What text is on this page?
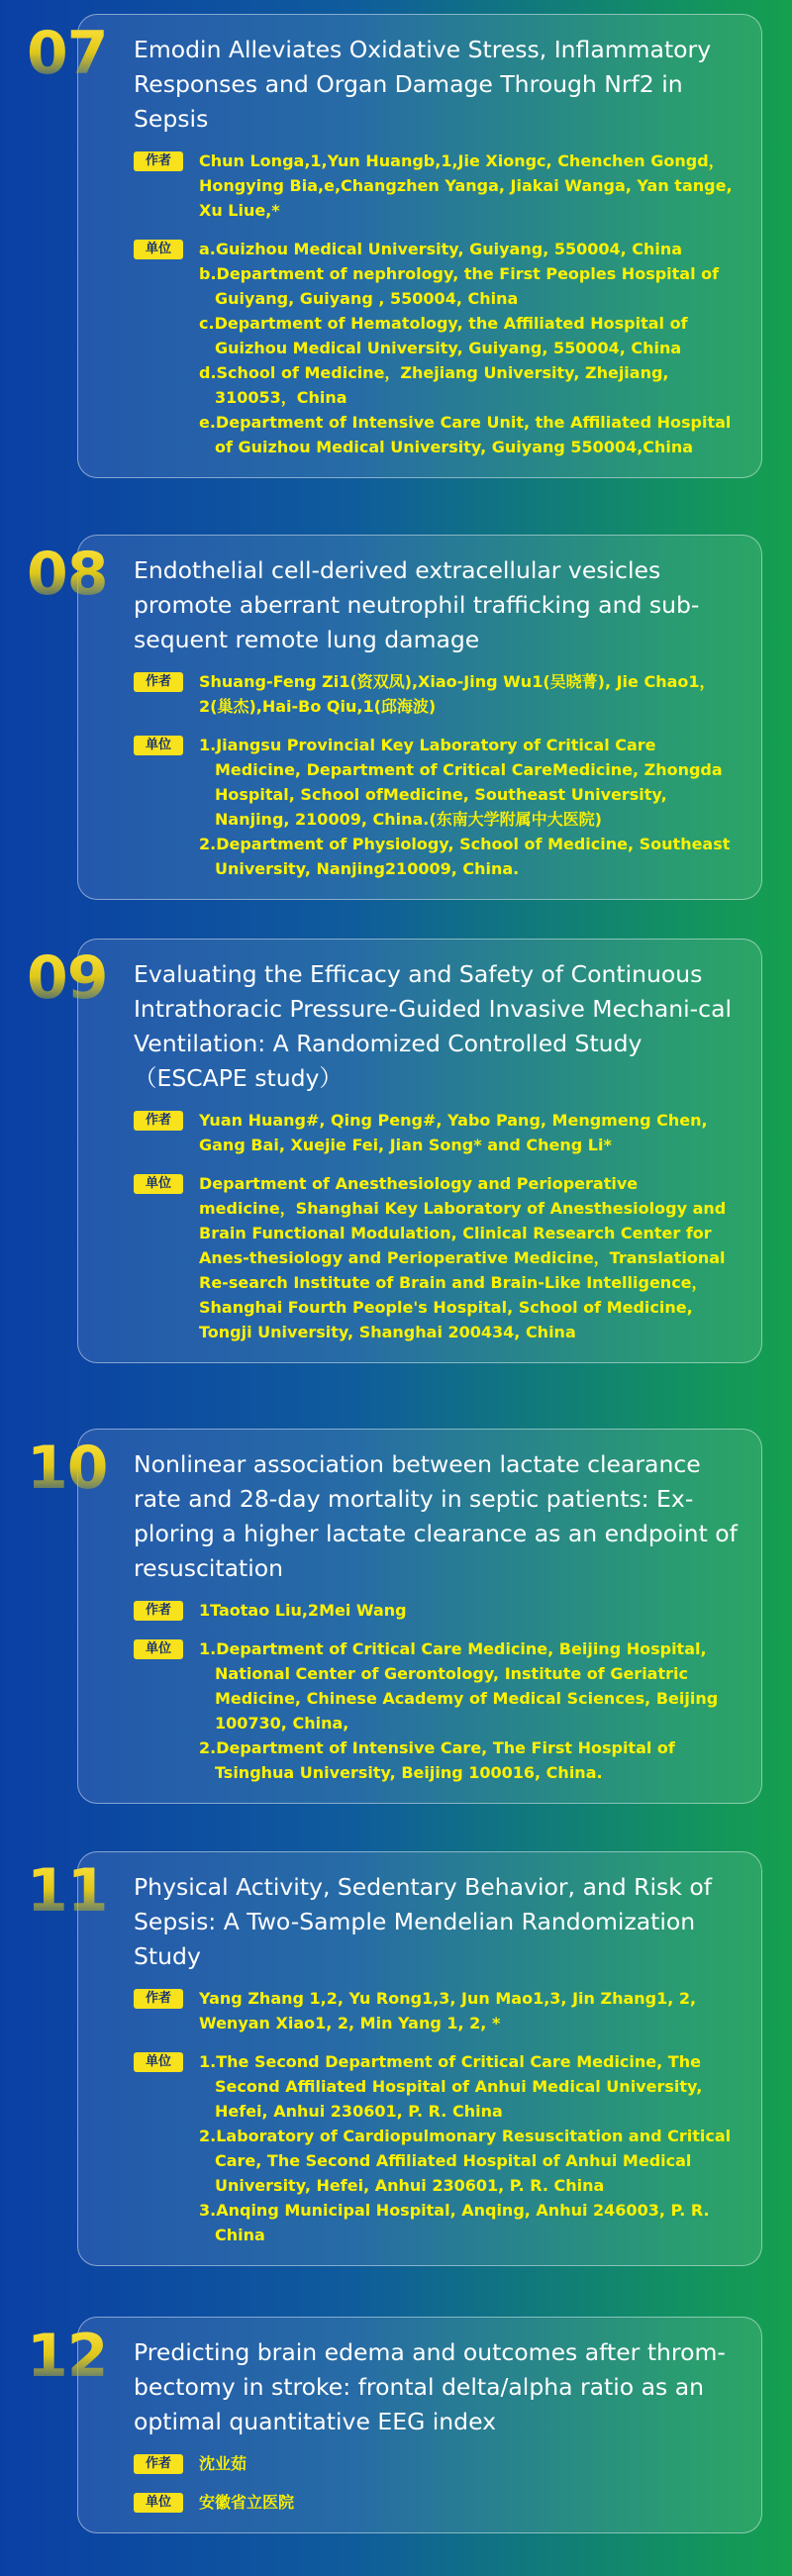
07 Emodin Alleviates Oxidative Stress, Inflammatory Responses and Organ Damage Through Nrf2 in Sepsis
作者	Chun Longa,1,Yun Huangb,1,Jie Xiongc, Chenchen Gongd，Hongying Bia,e,Changzhen Yanga, Jiakai Wanga, Yan tange, Xu Liue,*
单位	a.Guizhou Medical University, Guiyang, 550004, China
b.Department of nephrology, the First Peoples Hospital of Guiyang, Guiyang , 550004, China
c.Department of Hematology, the Affiliated Hospital of Guizhou Medical University, Guiyang, 550004, China
d.School of Medicine，Zhejiang University, Zhejiang, 310053，China
e.Department of Intensive Care Unit, the Affiliated Hospital of Guizhou Medical University, Guiyang 550004,China
08 Endothelial cell-derived extracellular vesicles promote aberrant neutrophil trafficking and sub-sequent remote lung damage
作者	Shuang-Feng Zi1(资双凤),Xiao-Jing Wu1(吴晓菁), Jie Chao1，2(巢杰),Hai-Bo Qiu,1(邱海波)
单位	1.Jiangsu Provincial Key Laboratory of Critical Care Medicine, Department of Critical CareMedicine, Zhongda Hospital, School ofMedicine, Southeast University, Nanjing, 210009, China.(东南大学附属中大医院)
2.Department of Physiology, School of Medicine, Southeast University, Nanjing210009, China.
09 Evaluating the Efficacy and Safety of Continuous Intrathoracic Pressure-Guided Invasive Mechani-cal Ventilation: A Randomized Controlled Study（ESCAPE study）
作者	Yuan Huang#, Qing Peng#, Yabo Pang, Mengmeng Chen, Gang Bai, Xuejie Fei, Jian Song* and Cheng Li*
单位	Department of Anesthesiology and Perioperative medicine，Shanghai Key Laboratory of Anesthesiology and Brain Functional Modulation, Clinical Research Center for Anes-thesiology and Perioperative Medicine，Translational Re-search Institute of Brain and Brain-Like Intelligence，Shanghai Fourth People's Hospital, School of Medicine, Tongji University, Shanghai 200434, China
10 Nonlinear association between lactate clearance rate and 28-day mortality in septic patients: Ex-ploring a higher lactate clearance as an endpoint of resuscitation
作者	1Taotao Liu,2Mei Wang
单位	1.Department of Critical Care Medicine, Beijing Hospital, National Center of Gerontology, Institute of Geriatric Medicine, Chinese Academy of Medical Sciences, Beijing 100730, China,
2.Department of Intensive Care, The First Hospital of Tsinghua University, Beijing 100016, China.
11 Physical Activity, Sedentary Behavior, and Risk of Sepsis: A Two-Sample Mendelian Randomization Study
作者	Yang Zhang 1,2, Yu Rong1,3, Jun Mao1,3, Jin Zhang1, 2, Wenyan Xiao1, 2, Min Yang 1, 2, *
单位	1.The Second Department of Critical Care Medicine, The Second Affiliated Hospital of Anhui Medical University, Hefei, Anhui 230601, P. R. China
2.Laboratory of Cardiopulmonary Resuscitation and Critical Care, The Second Affiliated Hospital of Anhui Medical University, Hefei, Anhui 230601, P. R. China
3.Anqing Municipal Hospital, Anqing, Anhui 246003, P. R. China
12 Predicting brain edema and outcomes after throm-bectomy in stroke: frontal delta/alpha ratio as an optimal quantitative EEG index
作者	沈业茹
单位	安徽省立医院
